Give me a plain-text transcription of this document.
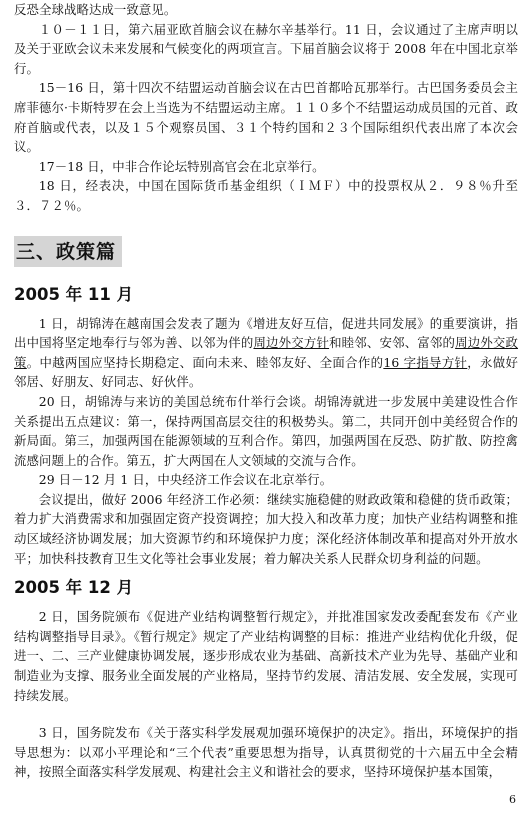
反恐全球战略达成一致意见。

１０－１１日，第六届亚欧首脑会议在赫尔辛基举行。11 日，会议通过了主席声明以及关于亚欧会议未来发展和气候变化的两项宣言。下届首脑会议将于 2008 年在中国北京举行。

15－16 日，第十四次不结盟运动首脑会议在古巴首都哈瓦那举行。古巴国务委员会主席菲德尔·卡斯特罗在会上当选为不结盟运动主席。１１０多个不结盟运动成员国的元首、政府首脑或代表，以及１５个观察员国、３１个特约国和２３个国际组织代表出席了本次会议。

17－18 日，中非合作论坛特别高官会在北京举行。

18 日，经表决，中国在国际货币基金组织（ＩＭＦ）中的投票权从２．９８％升至３．７２％。

三、政策篇
2005 年 11 月

1 日，胡锦涛在越南国会发表了题为《增进友好互信，促进共同发展》的重要演讲，指出中国将坚定地奉行与邻为善、以邻为伴的周边外交方针和睦邻、安邻、富邻的周边外交政策。中越两国应坚持长期稳定、面向未来、睦邻友好、全面合作的16 字指导方针，永做好邻居、好朋友、好同志、好伙伴。

20 日，胡锦涛与来访的美国总统布什举行会谈。胡锦涛就进一步发展中美建设性合作关系提出五点建议：第一，保持两国高层交往的积极势头。第二，共同开创中美经贸合作的新局面。第三，加强两国在能源领域的互利合作。第四，加强两国在反恐、防扩散、防控禽流感问题上的合作。第五，扩大两国在人文领域的交流与合作。

29 日－12 月 1 日，中央经济工作会议在北京举行。

会议提出，做好 2006 年经济工作必须：继续实施稳健的财政政策和稳健的货币政策；着力扩大消费需求和加强固定资产投资调控；加大投入和改革力度；加快产业结构调整和推动区域经济协调发展；加大资源节约和环境保护力度；深化经济体制改革和提高对外开放水平；加快科技教育卫生文化等社会事业发展；着力解决关系人民群众切身利益的问题。

2005 年 12 月

2 日，国务院颁布《促进产业结构调整暂行规定》，并批准国家发改委配套发布《产业结构调整指导目录》。《暂行规定》规定了产业结构调整的目标：推进产业结构优化升级，促进一、二、三产业健康协调发展，逐步形成农业为基础、高新技术产业为先导、基础产业和制造业为支撑、服务业全面发展的产业格局，坚持节约发展、清洁发展、安全发展，实现可持续发展。

3 日，国务院发布《关于落实科学发展观加强环境保护的决定》。指出，环境保护的指导思想为：以邓小平理论和“三个代表”重要思想为指导，认真贯彻党的十六届五中全会精神，按照全面落实科学发展观、构建社会主义和谐社会的要求，坚持环境保护基本国策，

6
